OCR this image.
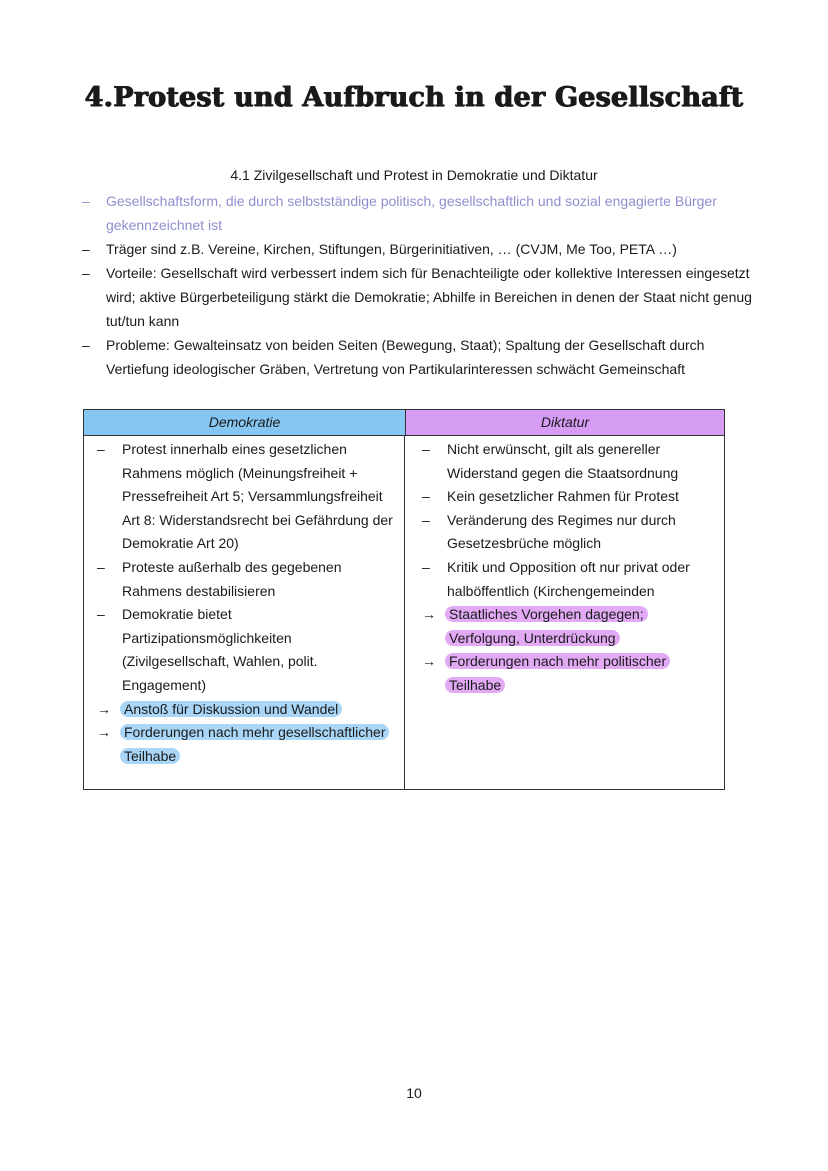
4.Protest und Aufbruch in der Gesellschaft
4.1 Zivilgesellschaft und Protest in Demokratie und Diktatur
– Gesellschaftsform, die durch selbstständige politisch, gesellschaftlich und sozial engagierte Bürger gekennzeichnet ist
– Träger sind z.B. Vereine, Kirchen, Stiftungen, Bürgerinitiativen, … (CVJM, Me Too, PETA …)
– Vorteile: Gesellschaft wird verbessert indem sich für Benachteiligte oder kollektive Interessen eingesetzt wird; aktive Bürgerbeteiligung stärkt die Demokratie; Abhilfe in Bereichen in denen der Staat nicht genug tut/tun kann
– Probleme: Gewalteinsatz von beiden Seiten (Bewegung, Staat); Spaltung der Gesellschaft durch Vertiefung ideologischer Gräben, Vertretung von Partikularinteressen schwächt Gemeinschaft
Demokratie	Diktatur
– Protest innerhalb eines gesetzlichen Rahmens möglich (Meinungsfreiheit + Pressefreiheit Art 5; Versammlungsfreiheit Art 8: Widerstandsrecht bei Gefährdung der Demokratie Art 20)
– Proteste außerhalb des gegebenen Rahmens destabilisieren
– Demokratie bietet Partizipationsmöglichkeiten (Zivilgesellschaft, Wahlen, polit. Engagement)
→ Anstoß für Diskussion und Wandel
→ Forderungen nach mehr gesellschaftlicher Teilhabe
– Nicht erwünscht, gilt als genereller Widerstand gegen die Staatsordnung
– Kein gesetzlicher Rahmen für Protest
– Veränderung des Regimes nur durch Gesetzesbrüche möglich
– Kritik und Opposition oft nur privat oder halböffentlich (Kirchengemeinden
→ Staatliches Vorgehen dagegen; Verfolgung, Unterdrückung
→ Forderungen nach mehr politischer Teilhabe
10
